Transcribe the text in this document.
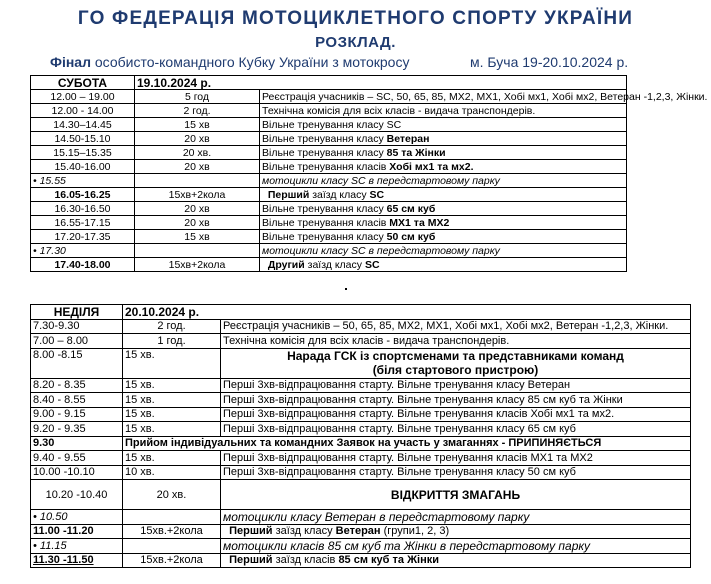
ГО ФЕДЕРАЦІЯ МОТОЦИКЛЕТНОГО СПОРТУ УКРАЇНИ
РОЗКЛАД.
Фінал особисто-командного Кубку України з мотокросу	м. Буча 19-20.10.2024 р.
СУБОТА	19.10.2024 р.	
12.00 – 19.00	5 год	Реєстрація учасників – SC, 50, 65, 85, MX2, MX1, Хобі мх1, Хобі мх2, Ветеран -1,2,3, Жінки.
12.00 - 14.00	2 год.	Технічна комісія для всіх класів - видача транспондерів.
14.30–14.45	15 хв	Вільне тренування класу SC
14.50-15.10	20 хв	Вільне тренування класу Ветеран
15.15–15.35	20 хв.	Вільне тренування класу 85 та Жінки
15.40-16.00	20 хв	Вільне тренування класів Хобі мх1 та мх2.
• 15.55		мотоцикли класу SC в передстартовому парку
16.05-16.25	15хв+2кола	Перший заїзд класу SC
16.30-16.50	20 хв	Вільне тренування класу 65 см куб
16.55-17.15	20 хв	Вільне тренування класів MX1 та MX2
17.20-17.35	15 хв	Вільне тренування класу 50 см куб
• 17.30		мотоцикли класу SC в передстартовому парку
17.40-18.00	15хв+2кола	Другий заїзд класу SC
НЕДІЛЯ	20.10.2024 р.	
7.30-9.30	2 год.	Реєстрація учасників – 50, 65, 85, MX2, MX1, Хобі мх1, Хобі мх2, Ветеран -1,2,3, Жінки.
7.00 – 8.00	1 год.	Технічна комісія для всіх класів - видача транспондерів.
8.00 -8.15	15 хв.	Нарада ГСК із спортсменами та представниками команд
(біля стартового пристрою)
8.20 - 8.35	15 хв.	Перші 3хв-відпрацювання старту. Вільне тренування класу Ветеран
8.40 - 8.55	15 хв.	Перші 3хв-відпрацювання старту. Вільне тренування класу 85 см куб та Жінки
9.00 - 9.15	15 хв.	Перші 3хв-відпрацювання старту. Вільне тренування класів Хобі мх1 та мх2.
9.20 - 9.35	15 хв.	Перші 3хв-відпрацювання старту. Вільне тренування класу 65 см куб
9.30	Прийом індивідуальних та командних Заявок на участь у змаганнях - ПРИПИНЯЄТЬСЯ	
9.40 - 9.55	15 хв.	Перші 3хв-відпрацювання старту. Вільне тренування класів MX1 та MX2
10.00 -10.10	10 хв.	Перші 3хв-відпрацювання старту. Вільне тренування класу 50 см куб
10.20 -10.40	20 хв.	ВІДКРИТТЯ ЗМАГАНЬ
• 10.50		мотоцикли класу Ветеран в передстартовому парку
11.00 -11.20	15хв.+2кола	Перший заїзд класу Ветеран (групи1, 2, 3)
• 11.15		мотоцикли класів 85 см куб та Жінки в передстартовому парку
11.30 -11.50	15хв.+2кола	Перший заїзд класів 85 см куб та Жінки
